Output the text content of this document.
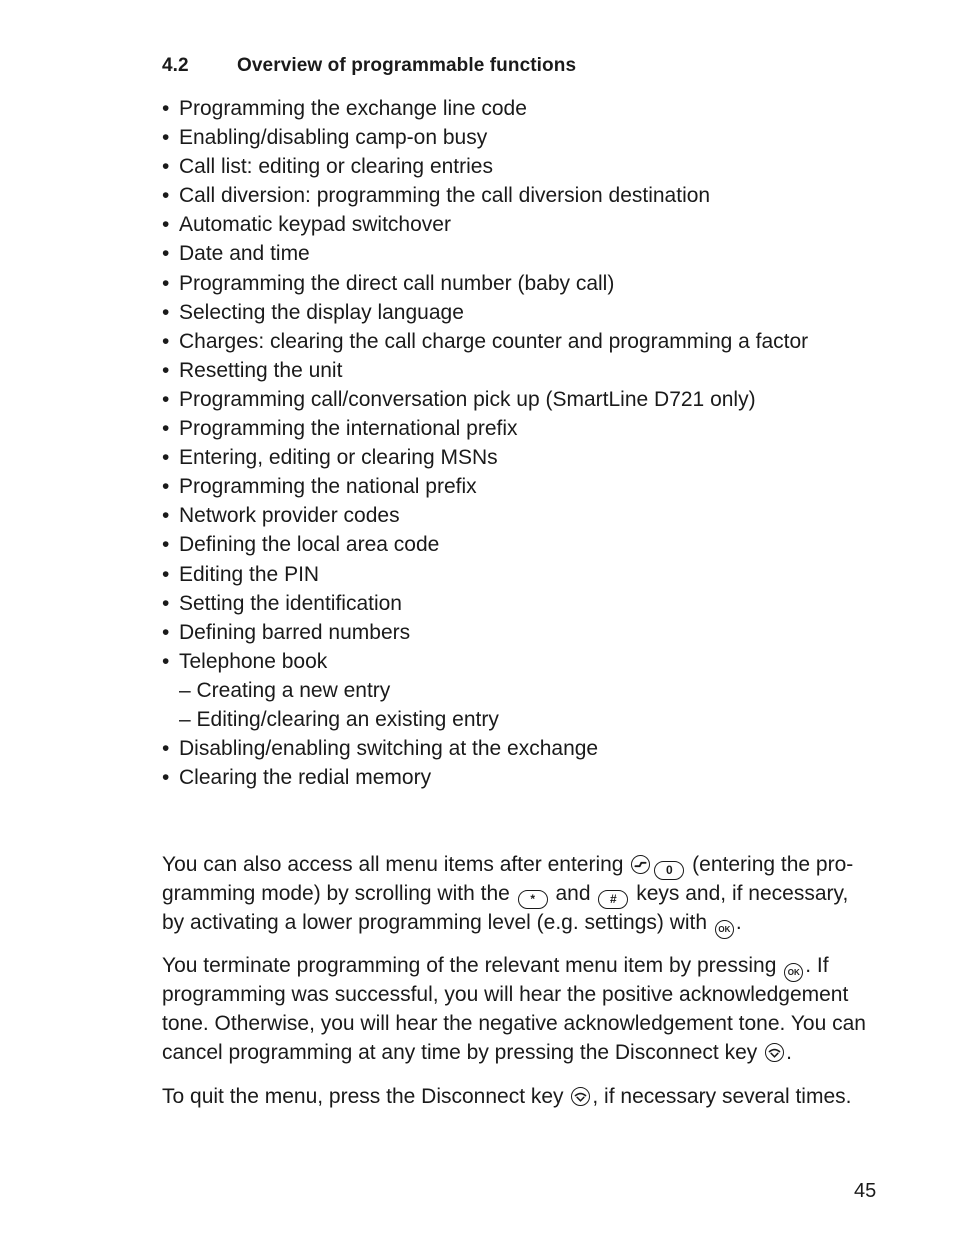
4.2	Overview of programmable functions
• Programming the exchange line code
• Enabling/disabling camp-on busy
• Call list: editing or clearing entries
• Call diversion: programming the call diversion destination
• Automatic keypad switchover
• Date and time
• Programming the direct call number (baby call)
• Selecting the display language
• Charges: clearing the call charge counter and programming a factor
• Resetting the unit
• Programming call/conversation pick up (SmartLine D721 only)
• Programming the international prefix
• Entering, editing or clearing MSNs
• Programming the national prefix
• Network provider codes
• Defining the local area code
• Editing the PIN
• Setting the identification
• Defining barred numbers
• Telephone book
– Creating a new entry
– Editing/clearing an existing entry
• Disabling/enabling switching at the exchange
• Clearing the redial memory
You can also access all menu items after entering	0 (entering the pro-
gramming mode) by scrolling with the * and # keys and, if necessary,
by activating a lower programming level (e.g. settings) with OK .
You terminate programming of the relevant menu item by pressing OK . If
programming was successful, you will hear the positive acknowledgement
tone. Otherwise, you will hear the negative acknowledgement tone. You can
cancel programming at any time by pressing the Disconnect key .
To quit the menu, press the Disconnect key , if necessary several times.
45
